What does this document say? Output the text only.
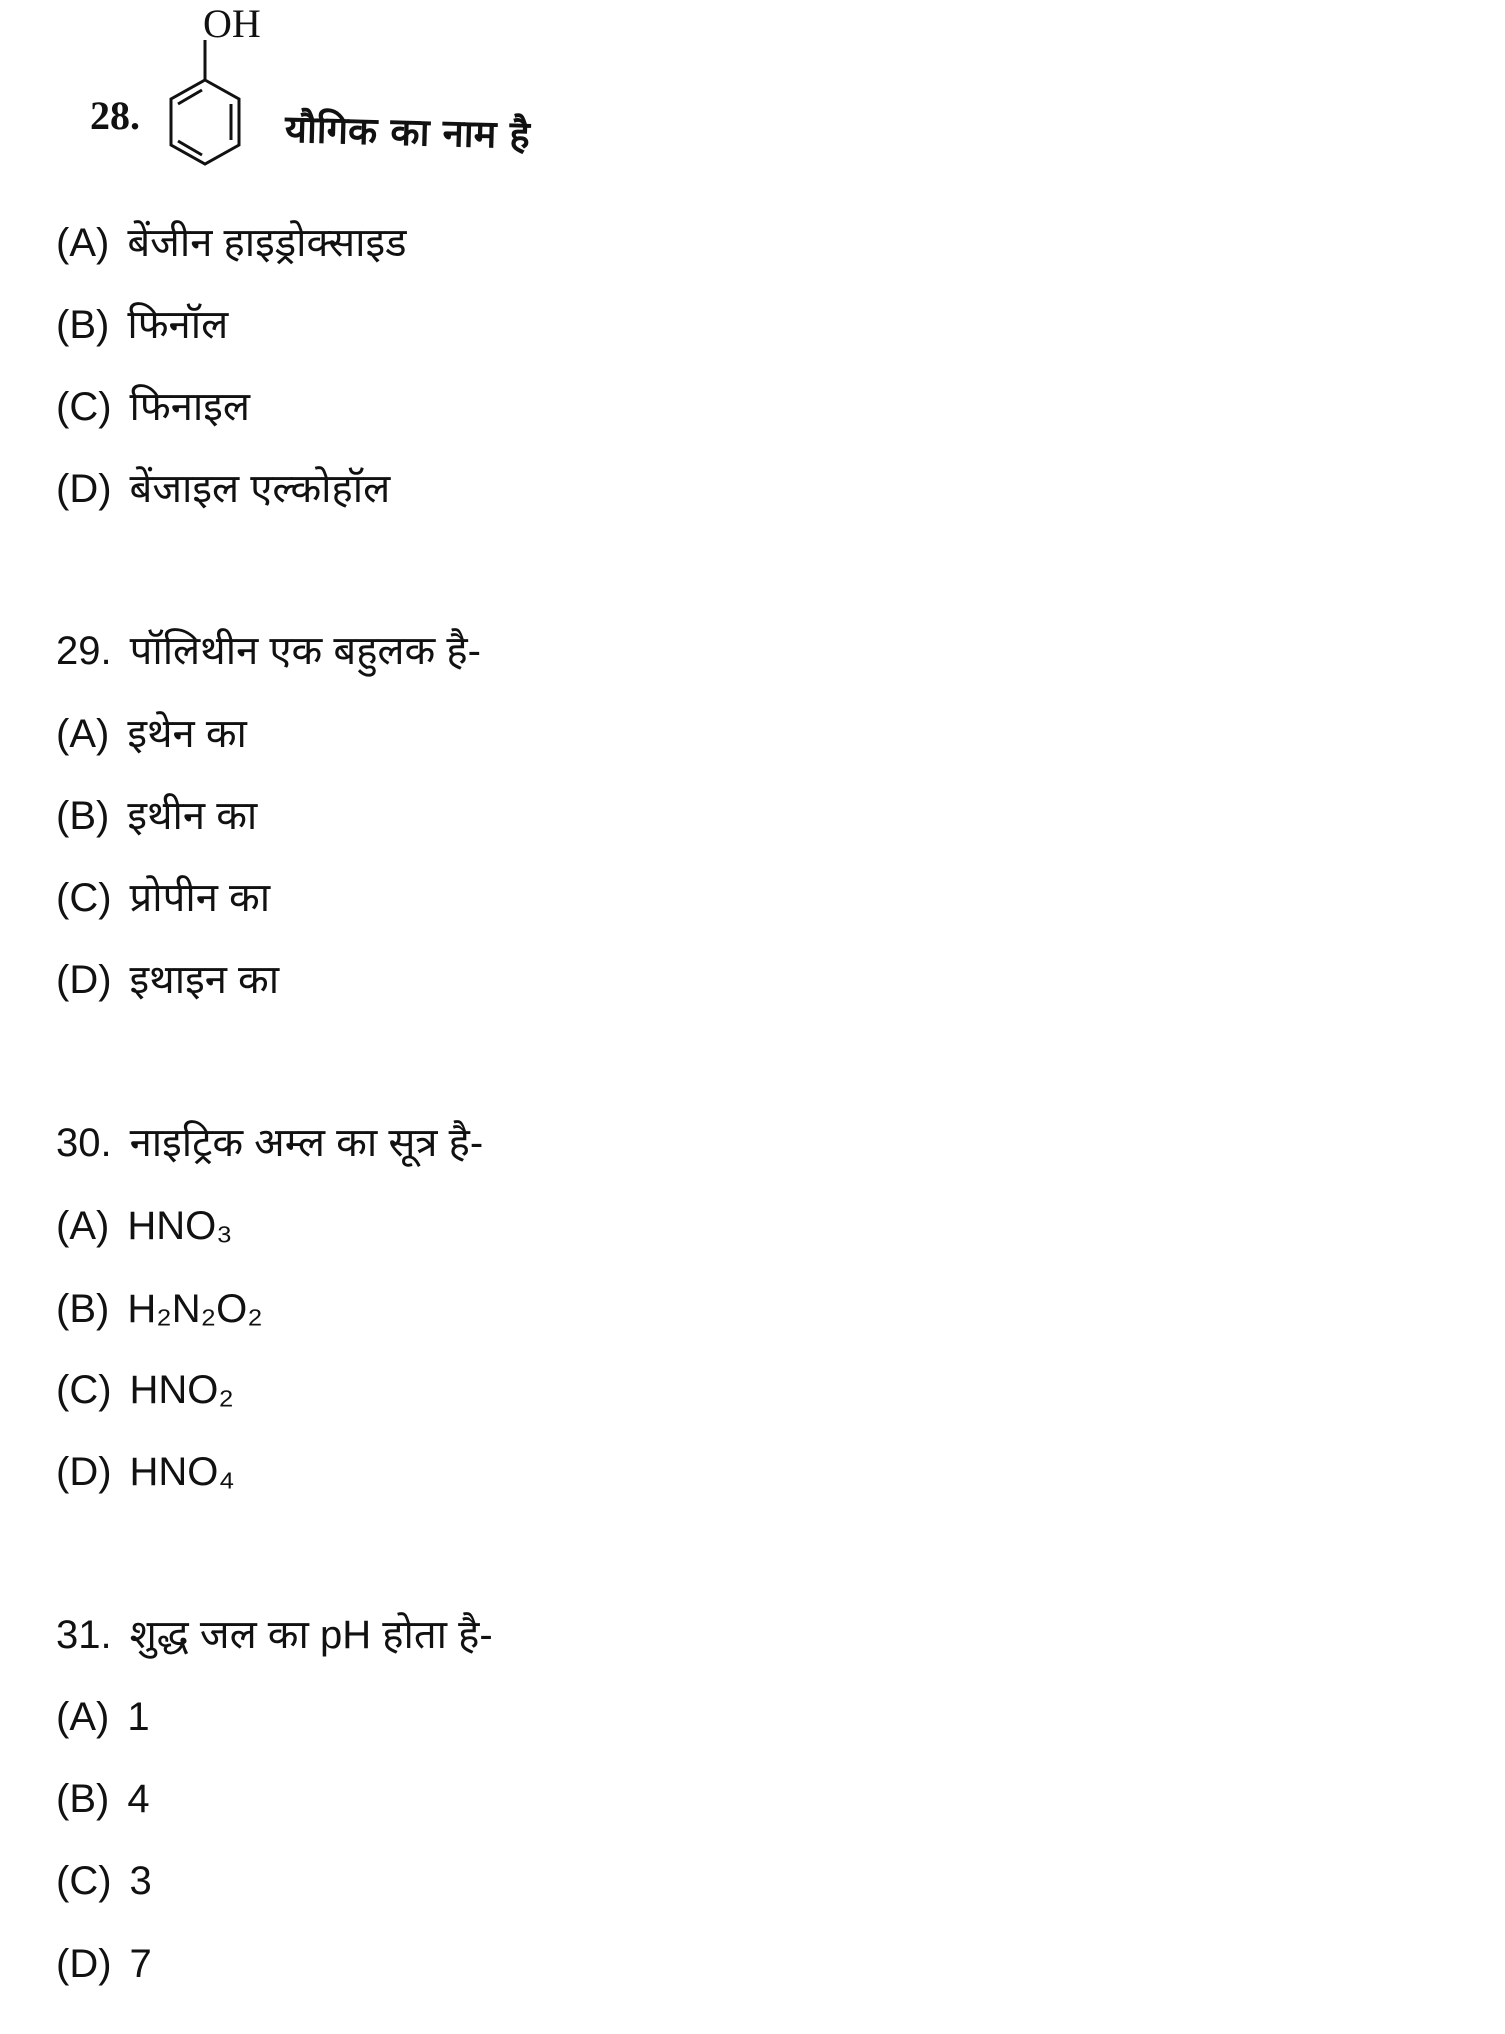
OH
28.	यौगिक का नाम है
(A) बेंजीन हाइड्रोक्साइड
(B) फिनॉल
(C) फिनाइल
(D) बेंजाइल एल्कोहॉल
29. पॉलिथीन एक बहुलक है-
(A) इथेन का
(B) इथीन का
(C) प्रोपीन का
(D) इथाइन का
30. नाइट्रिक अम्ल का सूत्र है-
(A) HNO₃
(B) H₂N₂O₂
(C) HNO₂
(D) HNO₄
31. शुद्ध जल का pH होता है-
(A) 1
(B) 4
(C) 3
(D) 7
